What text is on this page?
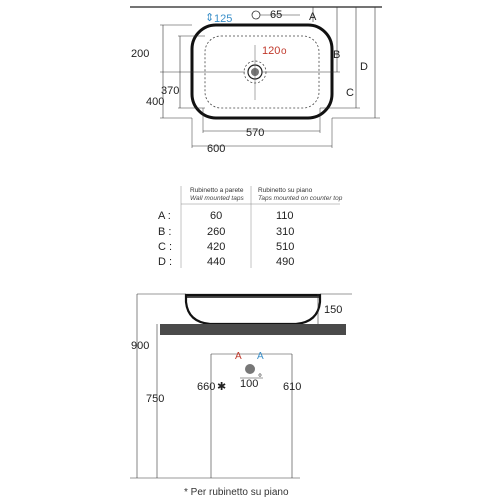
⇕ 125	65
120 o
200
370
400
570
600
A
B
C
D
Rubinetto a parete
Wall mounted taps
Rubinetto su piano
Taps mounted on counter top
A :	60	110
B :	260	310
C :	420	510
D :	440	490
150
900
750
A A
100 °
660 ✱	610
* Per rubinetto su piano
